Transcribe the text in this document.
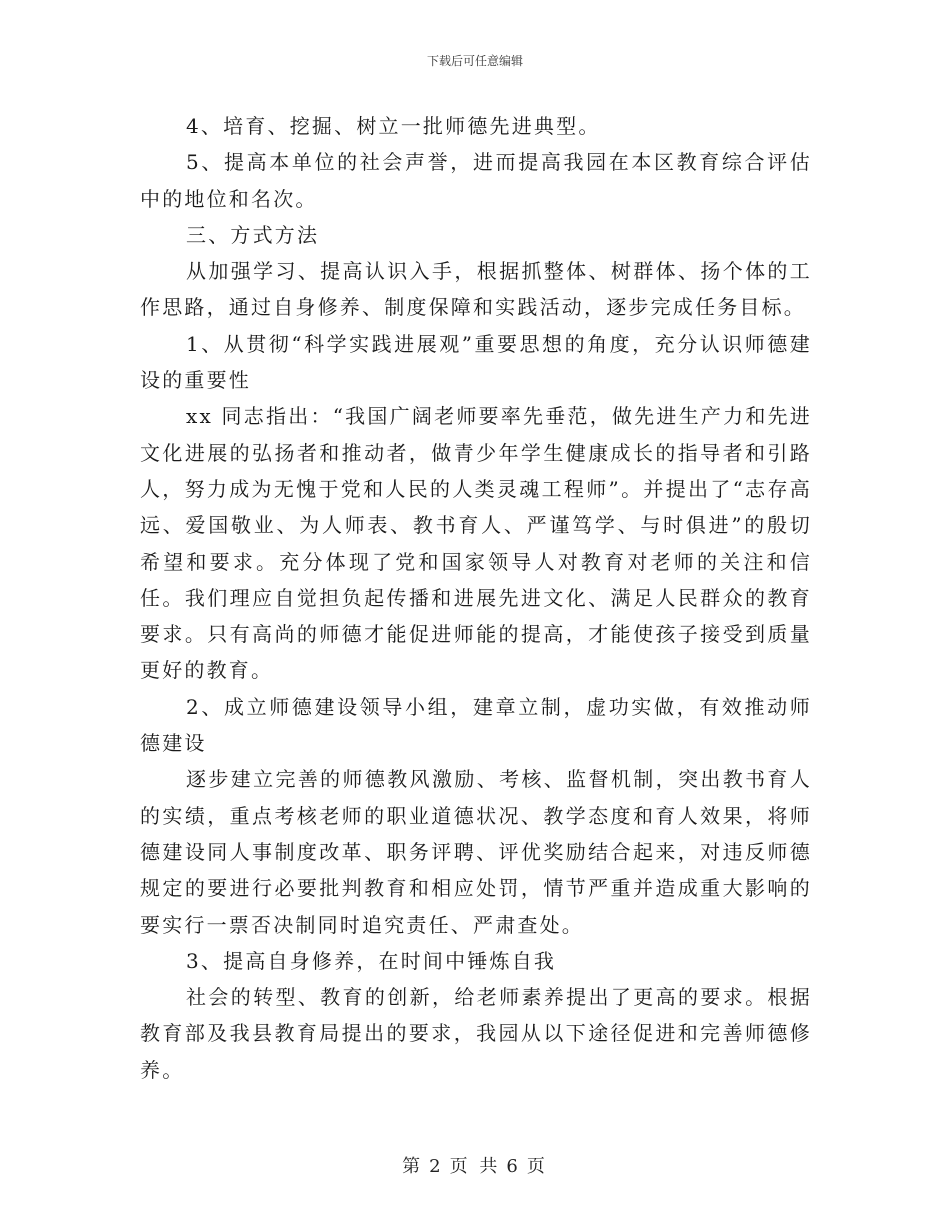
下载后可任意编辑

4、培育、挖掘、树立一批师德先进典型。

5、提高本单位的社会声誉，进而提高我园在本区教育综合评估中的地位和名次。

三、方式方法

从加强学习、提高认识入手，根据抓整体、树群体、扬个体的工作思路，通过自身修养、制度保障和实践活动，逐步完成任务目标。

1、从贯彻“科学实践进展观”重要思想的角度，充分认识师德建设的重要性

xx 同志指出：“我国广阔老师要率先垂范，做先进生产力和先进文化进展的弘扬者和推动者，做青少年学生健康成长的指导者和引路人，努力成为无愧于党和人民的人类灵魂工程师”。并提出了“志存高远、爱国敬业、为人师表、教书育人、严谨笃学、与时俱进”的殷切希望和要求。充分体现了党和国家领导人对教育对老师的关注和信任。我们理应自觉担负起传播和进展先进文化、满足人民群众的教育要求。只有高尚的师德才能促进师能的提高，才能使孩子接受到质量更好的教育。

2、成立师德建设领导小组，建章立制，虚功实做，有效推动师德建设

逐步建立完善的师德教风激励、考核、监督机制，突出教书育人的实绩，重点考核老师的职业道德状况、教学态度和育人效果，将师德建设同人事制度改革、职务评聘、评优奖励结合起来，对违反师德规定的要进行必要批判教育和相应处罚，情节严重并造成重大影响的要实行一票否决制同时追究责任、严肃查处。

3、提高自身修养，在时间中锤炼自我

社会的转型、教育的创新，给老师素养提出了更高的要求。根据教育部及我县教育局提出的要求，我园从以下途径促进和完善师德修养。

第 2 页 共 6 页
